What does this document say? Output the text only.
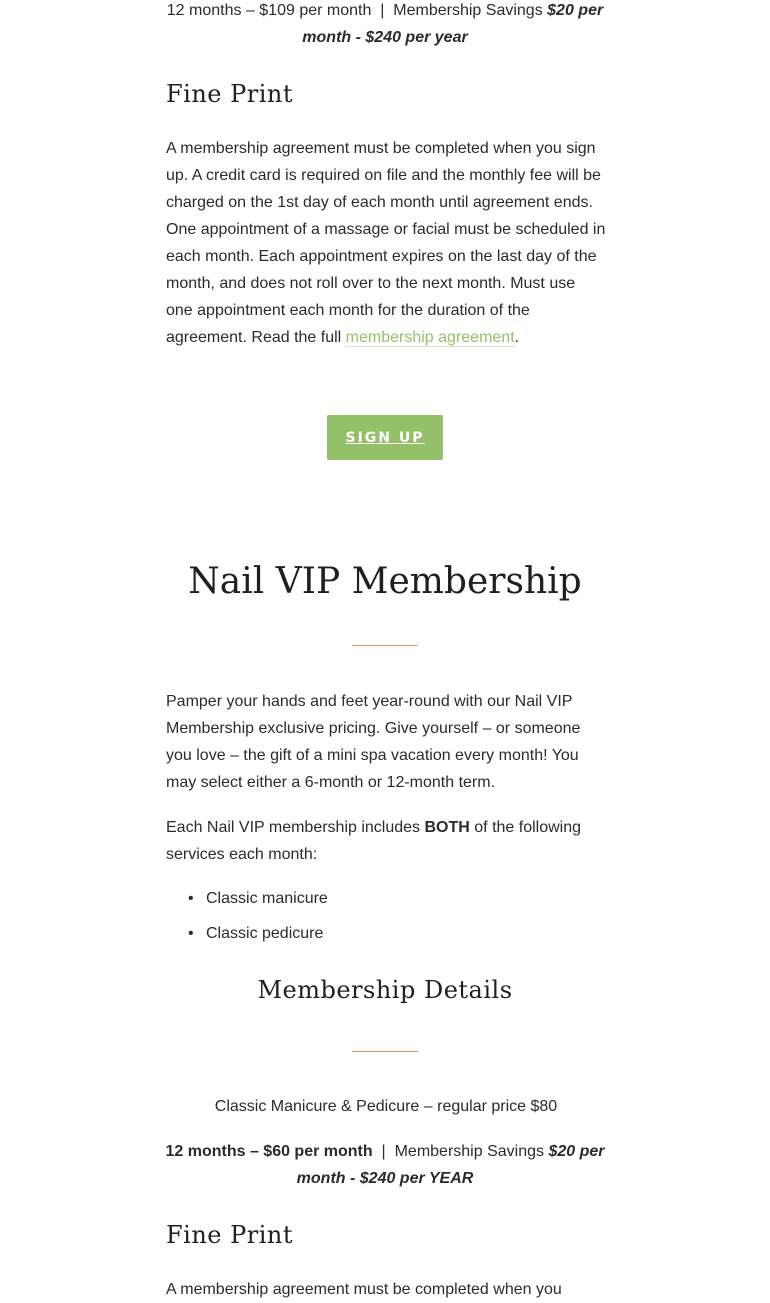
12 months – $109 per month  |  Membership Savings $20 per month - $240 per year

Fine Print

A membership agreement must be completed when you sign up. A credit card is required on file and the monthly fee will be charged on the 1st day of each month until agreement ends. One appointment of a massage or facial must be scheduled in each month. Each appointment expires on the last day of the month, and does not roll over to the next month. Must use one appointment each month for the duration of the agreement. Read the full membership agreement.

SIGN UP
Nail VIP Membership

Pamper your hands and feet year-round with our Nail VIP Membership exclusive pricing. Give yourself – or someone you love – the gift of a mini spa vacation every month! You may select either a 6-month or 12-month term.

Each Nail VIP membership includes BOTH of the following services each month:

• Classic manicure
• Classic pedicure
Membership Details

Classic Manicure & Pedicure – regular price $80

12 months – $60 per month  |  Membership Savings $20 per month - $240 per YEAR

Fine Print

A membership agreement must be completed when you
